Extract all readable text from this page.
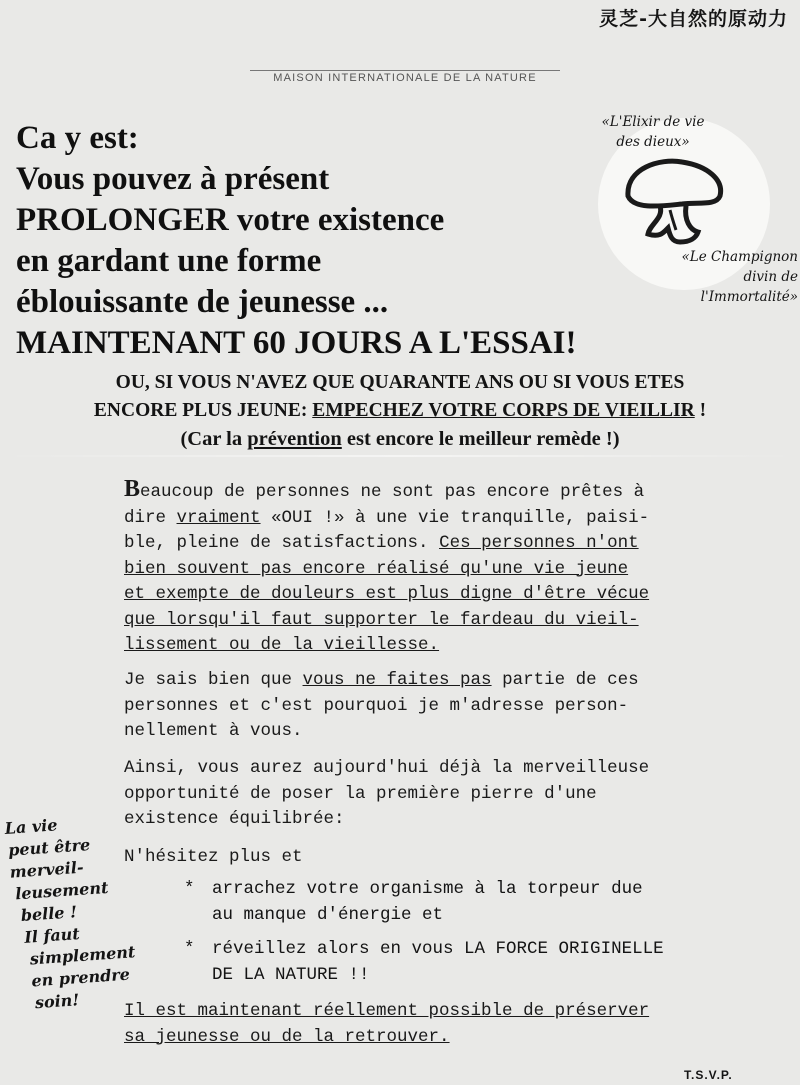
灵芝-大自然的原动力
MAISON INTERNATIONALE DE LA NATURE
Ca y est:
Vous pouvez à présent
PROLONGER votre existence
en gardant une forme
éblouissante de jeunesse ...
MAINTENANT 60 JOURS A L'ESSAI!
«L'Elixir de vie
des dieux»
«Le Champignon
divin de
l'Immortalité»
OU, SI VOUS N'AVEZ QUE QUARANTE ANS OU SI VOUS ETES
ENCORE PLUS JEUNE: EMPECHEZ VOTRE CORPS DE VIEILLIR !
(Car la prévention est encore le meilleur remède !)
Beaucoup de personnes ne sont pas encore prêtes à
dire vraiment «OUI !» à une vie tranquille, paisi-
ble, pleine de satisfactions. Ces personnes n'ont
bien souvent pas encore réalisé qu'une vie jeune
et exempte de douleurs est plus digne d'être vécue
que lorsqu'il faut supporter le fardeau du vieil-
lissement ou de la vieillesse.
Je sais bien que vous ne faites pas partie de ces
personnes et c'est pourquoi je m'adresse person-
nellement à vous.
Ainsi, vous aurez aujourd'hui déjà la merveilleuse
opportunité de poser la première pierre d'une
existence équilibrée:
N'hésitez plus et
* arrachez votre organisme à la torpeur due
au manque d'énergie et
* réveillez alors en vous LA FORCE ORIGINELLE
DE LA NATURE !!
Il est maintenant réellement possible de préserver
sa jeunesse ou de la retrouver.
La vie
peut être
merveil-
leusement
belle !
Il faut
simplement
en prendre
soin!
T.S.V.P.
